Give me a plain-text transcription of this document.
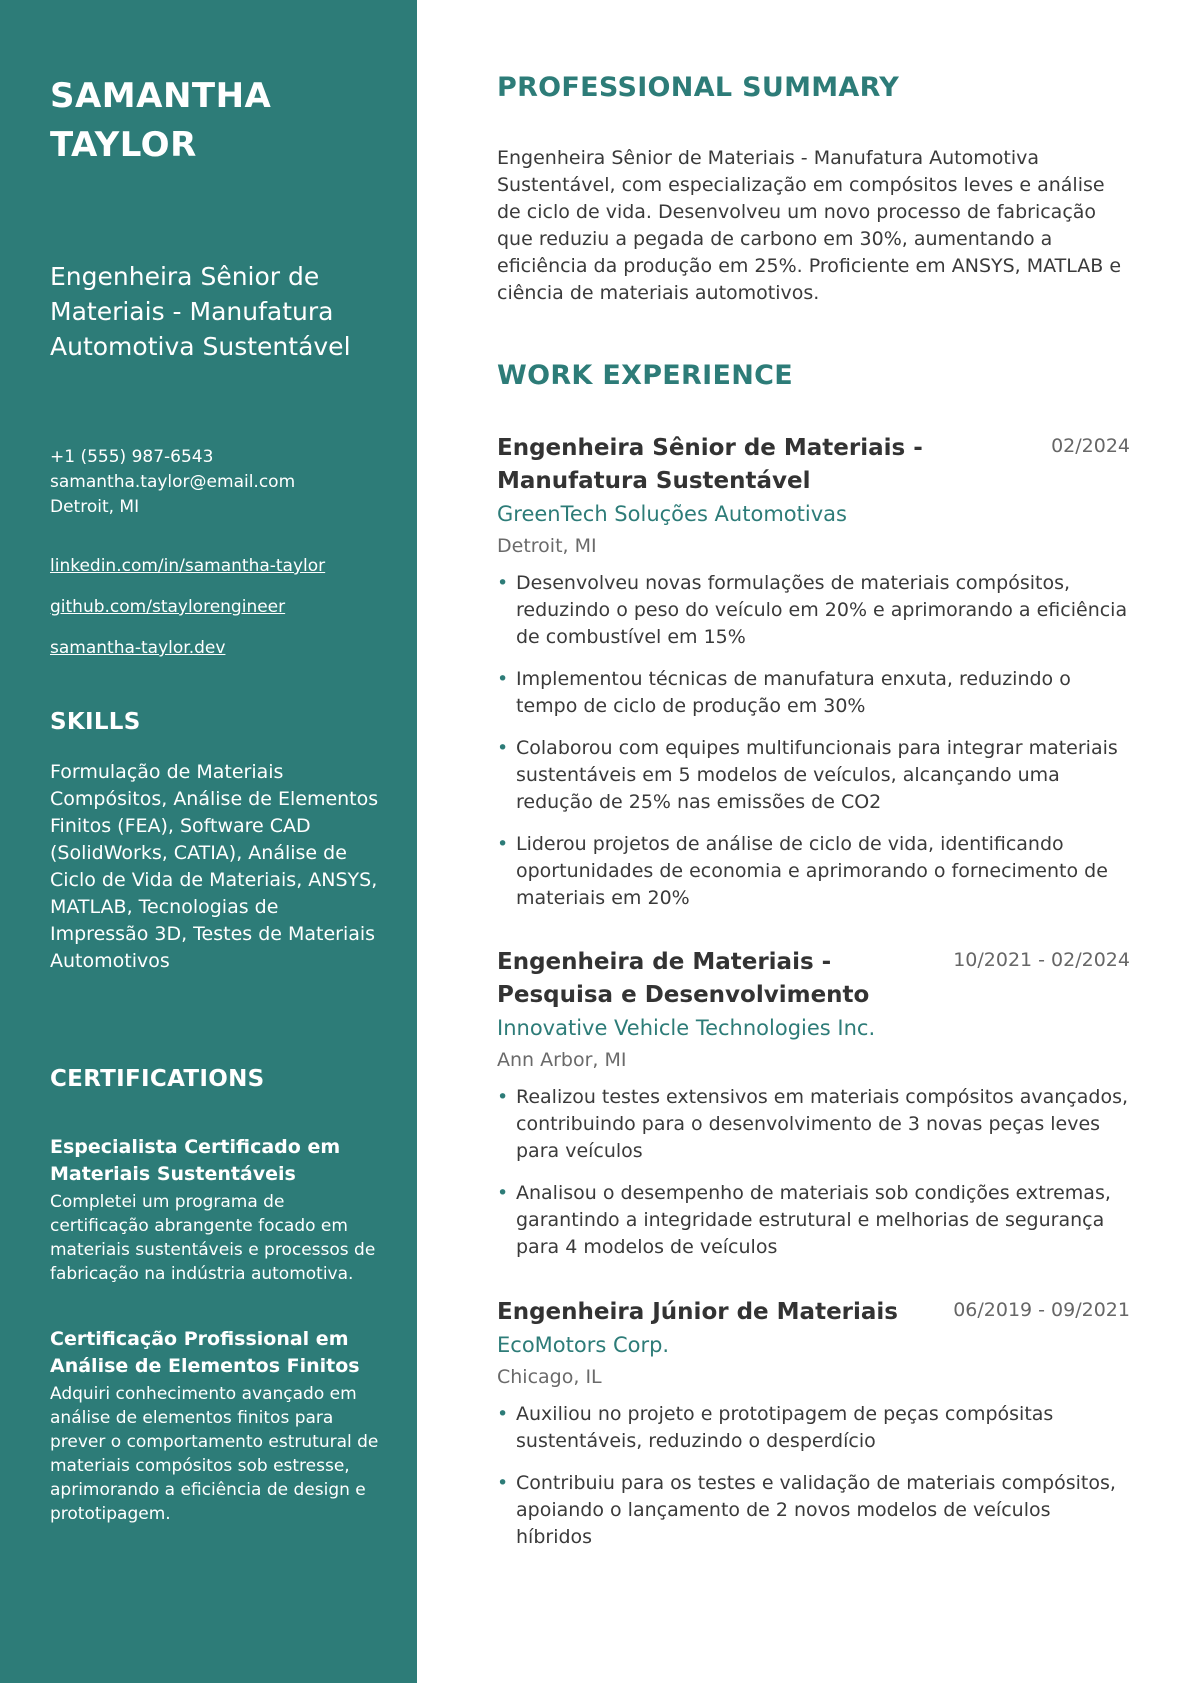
SAMANTHA TAYLOR

Engenheira Sênior de Materiais - Manufatura Automotiva Sustentável

+1 (555) 987-6543
samantha.taylor@email.com
Detroit, MI
linkedin.com/in/samantha-taylor
github.com/staylorengineer
samantha-taylor.dev
SKILLS

Formulação de Materiais Compósitos, Análise de Elementos Finitos (FEA), Software CAD (SolidWorks, CATIA), Análise de Ciclo de Vida de Materiais, ANSYS, MATLAB, Tecnologias de Impressão 3D, Testes de Materiais Automotivos

CERTIFICATIONS

Especialista Certificado em Materiais Sustentáveis

Completei um programa de certificação abrangente focado em materiais sustentáveis e processos de fabricação na indústria automotiva.

Certificação Profissional em Análise de Elementos Finitos

Adquiri conhecimento avançado em análise de elementos finitos para prever o comportamento estrutural de materiais compósitos sob estresse, aprimorando a eficiência de design e prototipagem.

PROFESSIONAL SUMMARY

Engenheira Sênior de Materiais - Manufatura Automotiva Sustentável, com especialização em compósitos leves e análise de ciclo de vida. Desenvolveu um novo processo de fabricação que reduziu a pegada de carbono em 30%, aumentando a eficiência da produção em 25%. Proficiente em ANSYS, MATLAB e ciência de materiais automotivos.

WORK EXPERIENCE

Engenheira Sênior de Materiais - Manufatura Sustentável

02/2024

GreenTech Soluções Automotivas

Detroit, MI

• Desenvolveu novas formulações de materiais compósitos, reduzindo o peso do veículo em 20% e aprimorando a eficiência de combustível em 15%
• Implementou técnicas de manufatura enxuta, reduzindo o tempo de ciclo de produção em 30%
• Colaborou com equipes multifuncionais para integrar materiais sustentáveis em 5 modelos de veículos, alcançando uma redução de 25% nas emissões de CO2
• Liderou projetos de análise de ciclo de vida, identificando oportunidades de economia e aprimorando o fornecimento de materiais em 20%

Engenheira de Materiais - Pesquisa e Desenvolvimento

10/2021 - 02/2024

Innovative Vehicle Technologies Inc.

Ann Arbor, MI

• Realizou testes extensivos em materiais compósitos avançados, contribuindo para o desenvolvimento de 3 novas peças leves para veículos
• Analisou o desempenho de materiais sob condições extremas, garantindo a integridade estrutural e melhorias de segurança para 4 modelos de veículos

Engenheira Júnior de Materiais	06/2019 - 09/2021

EcoMotors Corp.

Chicago, IL

• Auxiliou no projeto e prototipagem de peças compósitas sustentáveis, reduzindo o desperdício
• Contribuiu para os testes e validação de materiais compósitos, apoiando o lançamento de 2 novos modelos de veículos híbridos
